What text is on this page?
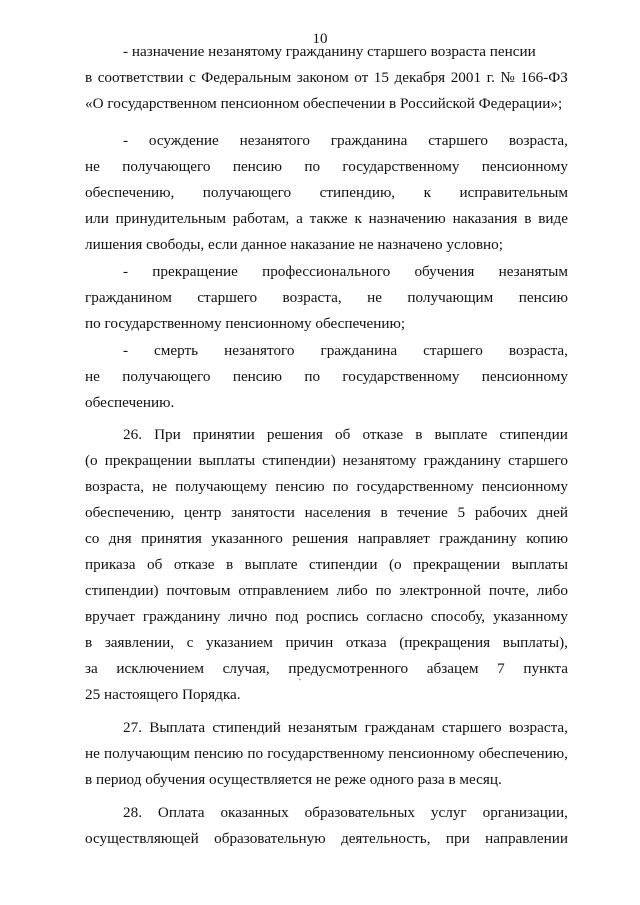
10
- назначение незанятому гражданину старшего возраста пенсии
в соответствии с Федеральным законом от 15 декабря 2001 г. № 166-ФЗ
«О государственном пенсионном обеспечении в Российской Федерации»;
- осуждение незанятого гражданина старшего возраста,
не получающего пенсию по государственному пенсионному
обеспечению, получающего стипендию, к исправительным
или принудительным работам, а также к назначению наказания в виде
лишения свободы, если данное наказание не назначено условно;
- прекращение профессионального обучения незанятым
гражданином старшего возраста, не получающим пенсию
по государственному пенсионному обеспечению;
- смерть незанятого гражданина старшего возраста,
не получающего пенсию по государственному пенсионному
обеспечению.
26. При принятии решения об отказе в выплате стипендии
(о прекращении выплаты стипендии) незанятому гражданину старшего
возраста, не получающему пенсию по государственному пенсионному
обеспечению, центр занятости населения в течение 5 рабочих дней
со дня принятия указанного решения направляет гражданину копию
приказа об отказе в выплате стипендии (о прекращении выплаты
стипендии) почтовым отправлением либо по электронной почте, либо
вручает гражданину лично под роспись согласно способу, указанному
в заявлении, с указанием причин отказа (прекращения выплаты),
за исключением случая, предусмотренного абзацем 7 пункта
25 настоящего Порядка.
27. Выплата стипендий незанятым гражданам старшего возраста,
не получающим пенсию по государственному пенсионному обеспечению,
в период обучения осуществляется не реже одного раза в месяц.
28. Оплата оказанных образовательных услуг организации,
осуществляющей образовательную деятельность, при направлении
`
